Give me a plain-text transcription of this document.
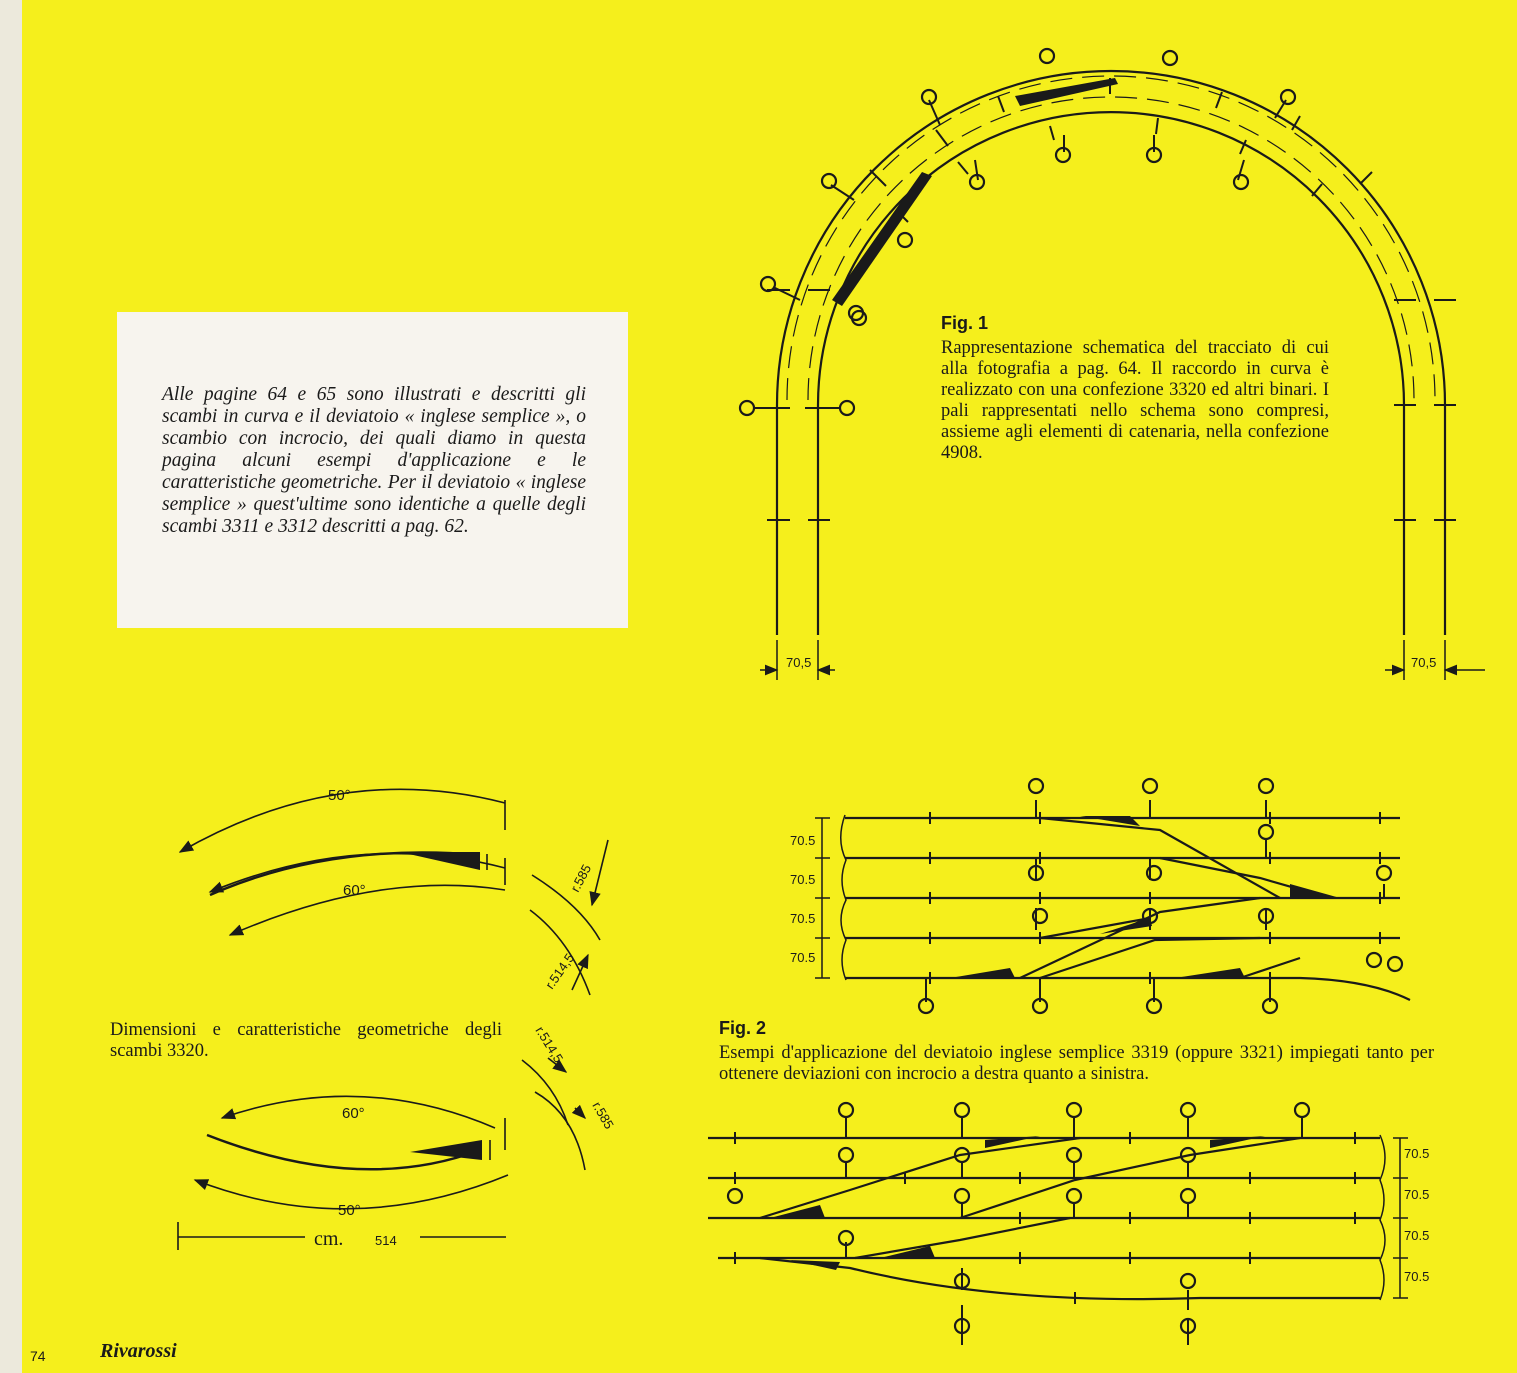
70,5	70,5
70.5
70.5
70.5
70.5
70.5
70.5
70.5
70.5
50°
60°	r.585
r.514,5
60°
50°
r.514,5
r.585
cm. 514
Alle pagine 64 e 65 sono illustrati e descritti gli scambi in curva e il deviatoio « inglese semplice », o scambio con incrocio, dei quali diamo in questa pagina alcuni esempi d'applicazione e le caratteristiche geometriche. Per il deviatoio « inglese semplice » quest'ultime sono identiche a quelle degli scambi 3311 e 3312 descritti a pag. 62.
Fig. 1
Rappresentazione schematica del tracciato di cui alla fotografia a pag. 64. Il raccordo in curva è realizzato con una confezione 3320 ed altri binari. I pali rappresentati nello schema sono compresi, assieme agli elementi di catenaria, nella confezione 4908.
Fig. 2
Esempi d'applicazione del deviatoio inglese semplice 3319 (oppure 3321) impiegati tanto per ottenere deviazioni con incrocio a destra quanto a sinistra.
Dimensioni e caratteristiche geometriche degli scambi 3320.
74	Rivarossi
